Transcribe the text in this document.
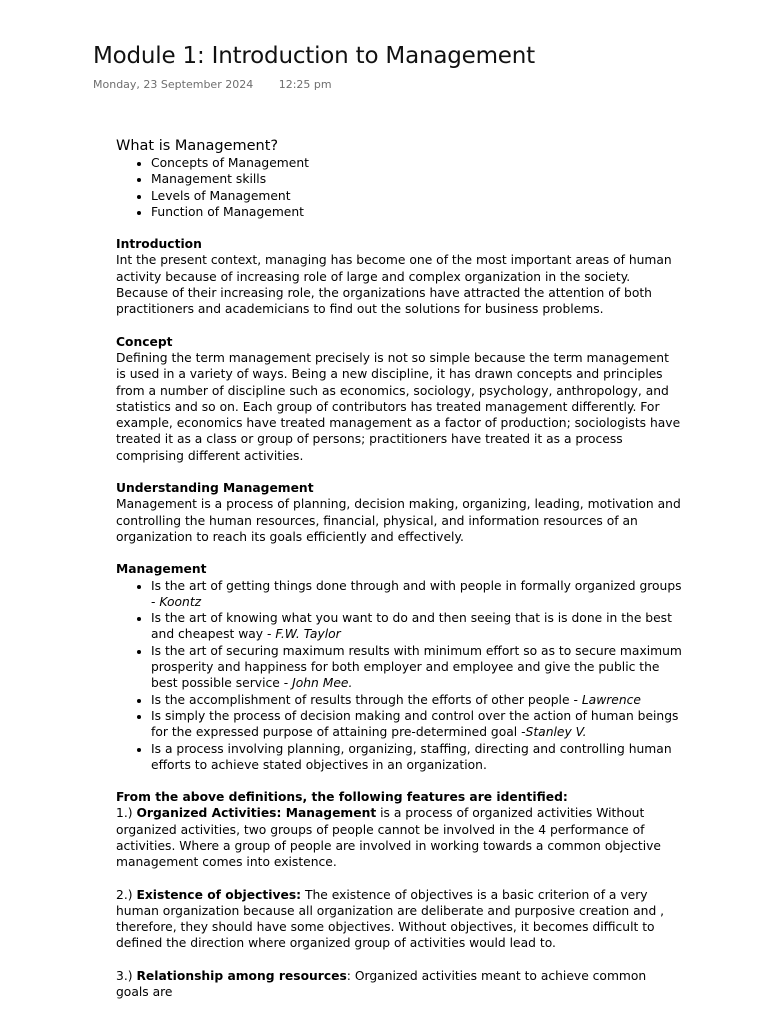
Module 1: Introduction to Management
Monday, 23 September 2024 12:25 pm
What is Management?
• Concepts of Management
• Management skills
• Levels of Management
• Function of Management
Introduction

Int the present context, managing has become one of the most important areas of human activity because of increasing role of large and complex organization in the society. Because of their increasing role, the organizations have attracted the attention of both practitioners and academicians to find out the solutions for business problems.

Concept

Defining the term management precisely is not so simple because the term management is used in a variety of ways. Being a new discipline, it has drawn concepts and principles from a number of discipline such as economics, sociology, psychology, anthropology, and statistics and so on. Each group of contributors has treated management differently. For example, economics have treated management as a factor of production; sociologists have treated it as a class or group of persons; practitioners have treated it as a process comprising different activities.

Understanding Management

Management is a process of planning, decision making, organizing, leading, motivation and controlling the human resources, financial, physical, and information resources of an organization to reach its goals efficiently and effectively.

Management
• Is the art of getting things done through and with people in formally organized groups - Koontz
• Is the art of knowing what you want to do and then seeing that is is done in the best and cheapest way - F.W. Taylor
• Is the art of securing maximum results with minimum effort so as to secure maximum prosperity and happiness for both employer and employee and give the public the best possible service - John Mee.
• Is the accomplishment of results through the efforts of other people - Lawrence
• Is simply the process of decision making and control over the action of human beings for the expressed purpose of attaining pre-determined goal -Stanley V.
• Is a process involving planning, organizing, staffing, directing and controlling human efforts to achieve stated objectives in an organization.
From the above definitions, the following features are identified:

1.) Organized Activities: Management is a process of organized activities Without organized activities, two groups of people cannot be involved in the 4 performance of activities. Where a group of people are involved in working towards a common objective management comes into existence.

2.) Existence of objectives: The existence of objectives is a basic criterion of a very human organization because all organization are deliberate and purposive creation and , therefore, they should have some objectives. Without objectives, it becomes difficult to defined the direction where organized group of activities would lead to.

3.) Relationship among resources: Organized activities meant to achieve common goals are
